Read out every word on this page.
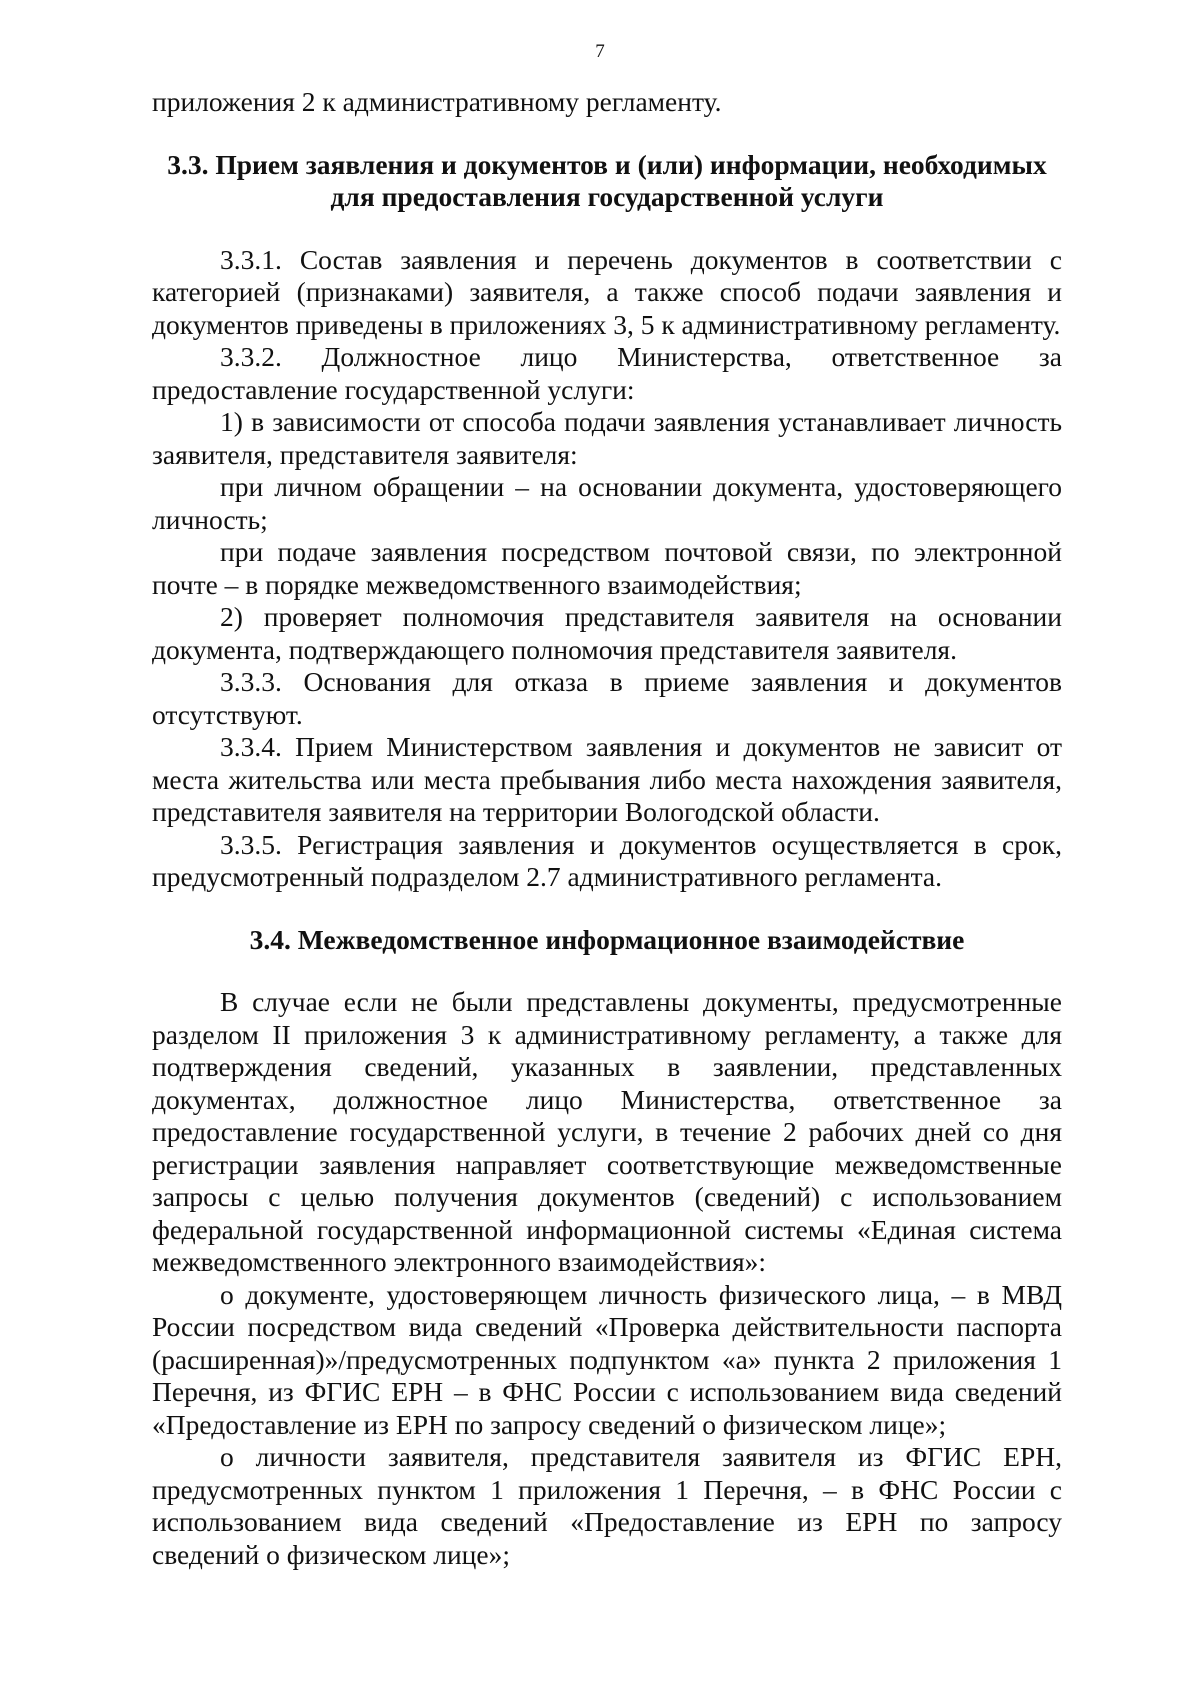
7

приложения 2 к административному регламенту.

3.3. Прием заявления и документов и (или) информации, необходимых

для предоставления государственной услуги

3.3.1. Состав заявления и перечень документов в соответствии с категорией (признаками) заявителя, а также способ подачи заявления и документов приведены в приложениях 3, 5 к административному регламенту.

3.3.2. Должностное лицо Министерства, ответственное за предоставление государственной услуги:

1) в зависимости от способа подачи заявления устанавливает личность заявителя, представителя заявителя:

при личном обращении – на основании документа, удостоверяющего личность;

при подаче заявления посредством почтовой связи, по электронной почте – в порядке межведомственного взаимодействия;

2) проверяет полномочия представителя заявителя на основании документа, подтверждающего полномочия представителя заявителя.

3.3.3. Основания для отказа в приеме заявления и документов отсутствуют.

3.3.4. Прием Министерством заявления и документов не зависит от места жительства или места пребывания либо места нахождения заявителя, представителя заявителя на территории Вологодской области.

3.3.5. Регистрация заявления и документов осуществляется в срок, предусмотренный подразделом 2.7 административного регламента.

3.4. Межведомственное информационное взаимодействие

В случае если не были представлены документы, предусмотренные разделом II приложения 3 к административному регламенту, а также для подтверждения сведений, указанных в заявлении, представленных документах, должностное лицо Министерства, ответственное за предоставление государственной услуги, в течение 2 рабочих дней со дня регистрации заявления направляет соответствующие межведомственные запросы с целью получения документов (сведений) с использованием федеральной государственной информационной системы «Единая система межведомственного электронного взаимодействия»:

о документе, удостоверяющем личность физического лица, – в МВД России посредством вида сведений «Проверка действительности паспорта (расширенная)»/предусмотренных подпунктом «а» пункта 2 приложения 1 Перечня, из ФГИС ЕРН – в ФНС России с использованием вида сведений «Предоставление из ЕРН по запросу сведений о физическом лице»;

о личности заявителя, представителя заявителя из ФГИС ЕРН, предусмотренных пунктом 1 приложения 1 Перечня, – в ФНС России с использованием вида сведений «Предоставление из ЕРН по запросу сведений о физическом лице»;
